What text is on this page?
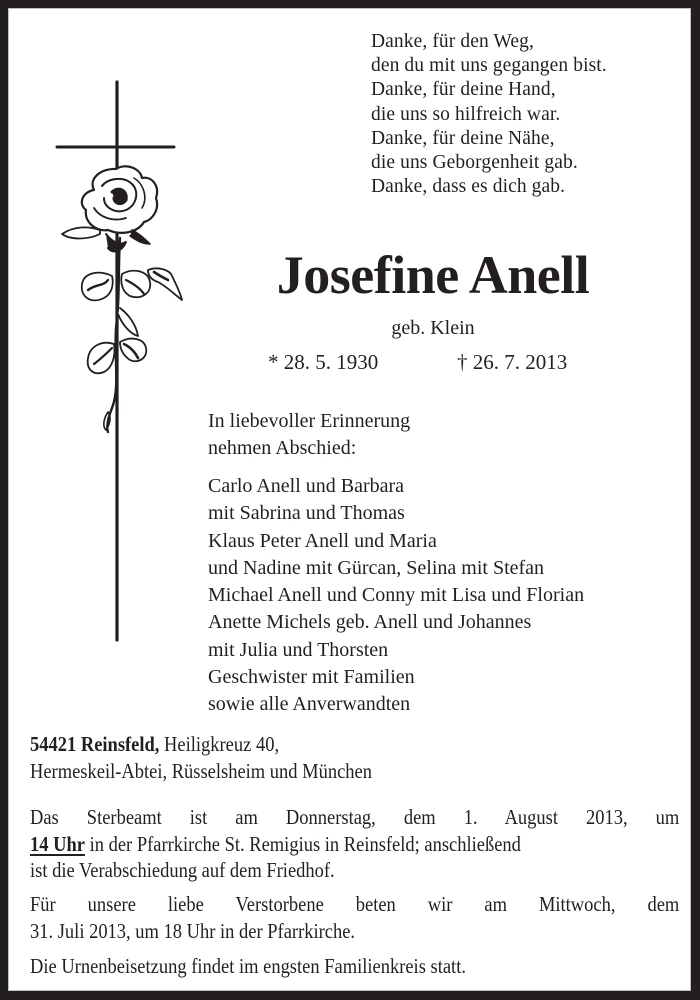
Danke, für den Weg,
den du mit uns gegangen bist.
Danke, für deine Hand,
die uns so hilfreich war.
Danke, für deine Nähe,
die uns Geborgenheit gab.
Danke, dass es dich gab.
Josefine Anell
geb. Klein
* 28. 5. 1930	† 26. 7. 2013
In liebevoller Erinnerung
nehmen Abschied:
Carlo Anell und Barbara
mit Sabrina und Thomas
Klaus Peter Anell und Maria
und Nadine mit Gürcan, Selina mit Stefan
Michael Anell und Conny mit Lisa und Florian
Anette Michels geb. Anell und Johannes
mit Julia und Thorsten
Geschwister mit Familien
sowie alle Anverwandten
54421 Reinsfeld, Heiligkreuz 40,
Hermeskeil-Abtei, Rüsselsheim und München
Das Sterbeamt ist am Donnerstag, dem 1. August 2013, um
14 Uhr in der Pfarrkirche St. Remigius in Reinsfeld; anschließend
ist die Verabschiedung auf dem Friedhof.
Für unsere liebe Verstorbene beten wir am Mittwoch, dem
31. Juli 2013, um 18 Uhr in der Pfarrkirche.
Die Urnenbeisetzung findet im engsten Familienkreis statt.
